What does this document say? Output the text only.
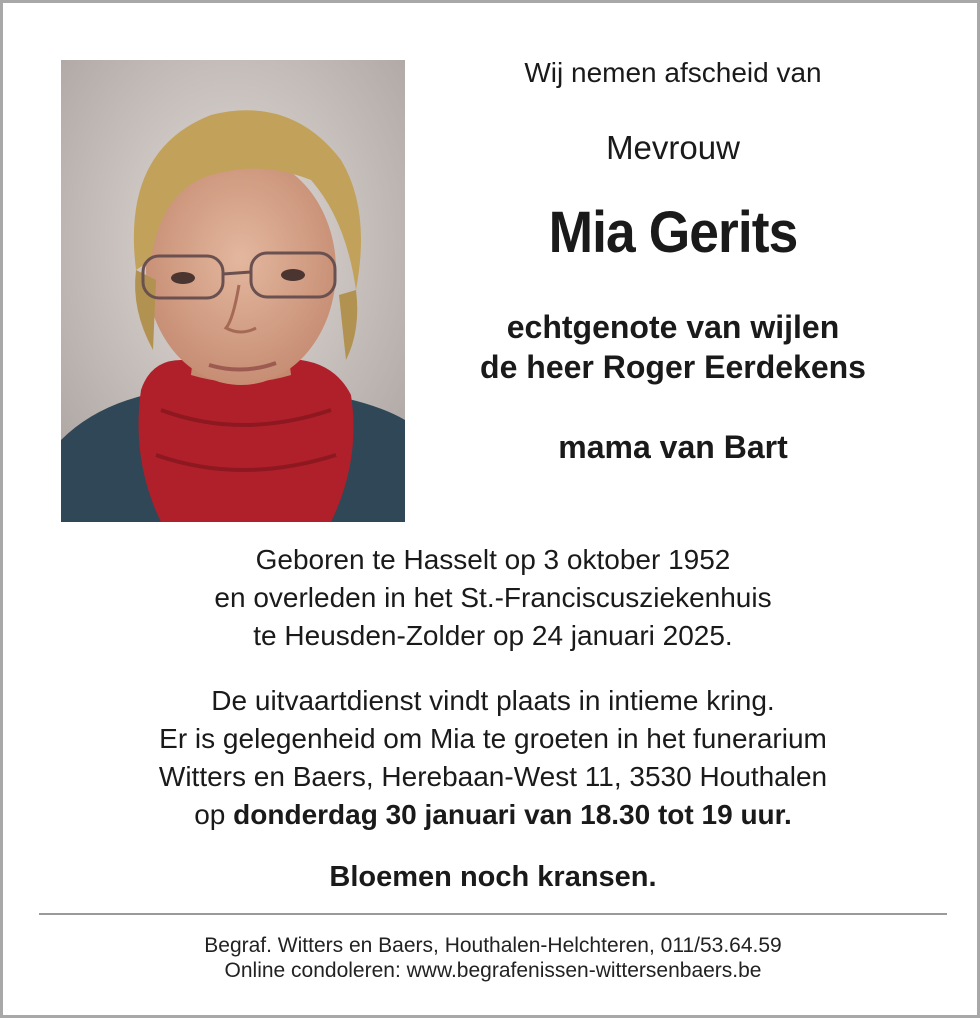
Wij nemen afscheid van
Mevrouw
Mia Gerits
echtgenote van wijlen
de heer Roger Eerdekens
mama van Bart
Geboren te Hasselt op 3 oktober 1952
en overleden in het St.-Franciscusziekenhuis
te Heusden-Zolder op 24 januari 2025.
De uitvaartdienst vindt plaats in intieme kring.
Er is gelegenheid om Mia te groeten in het funerarium
Witters en Baers, Herebaan-West 11, 3530 Houthalen
op donderdag 30 januari van 18.30 tot 19 uur.
Bloemen noch kransen.
Begraf. Witters en Baers, Houthalen-Helchteren, 011/53.64.59
Online condoleren: www.begrafenissen-wittersenbaers.be
